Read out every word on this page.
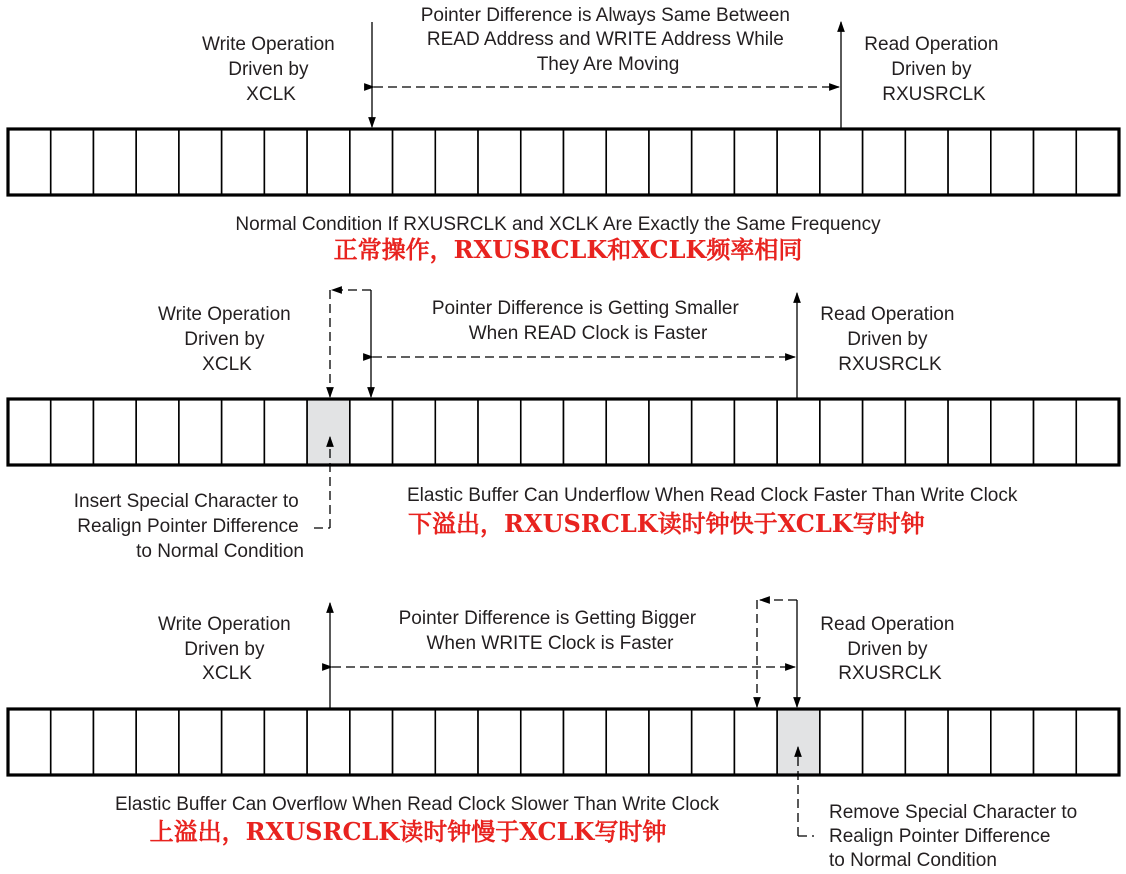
Write Operation Driven by XCLK
Pointer Difference is Always Same Between READ Address and WRITE Address While They Are Moving
Read Operation Driven by RXUSRCLK
Normal Condition If RXUSRCLK and XCLK Are Exactly the Same Frequency
正常操作，RXUSRCLK和XCLK频率相同
Write Operation Driven by XCLK
Pointer Difference is Getting Smaller When READ Clock is Faster
Read Operation Driven by RXUSRCLK
Insert Special Character to Realign Pointer Difference to Normal Condition
Elastic Buffer Can Underflow When Read Clock Faster Than Write Clock
下溢出，RXUSRCLK读时钟快于XCLK写时钟
Write Operation Driven by XCLK
Pointer Difference is Getting Bigger When WRITE Clock is Faster
Read Operation Driven by RXUSRCLK
Elastic Buffer Can Overflow When Read Clock Slower Than Write Clock
上溢出，RXUSRCLK读时钟慢于XCLK写时钟
Remove Special Character to Realign Pointer Difference to Normal Condition
